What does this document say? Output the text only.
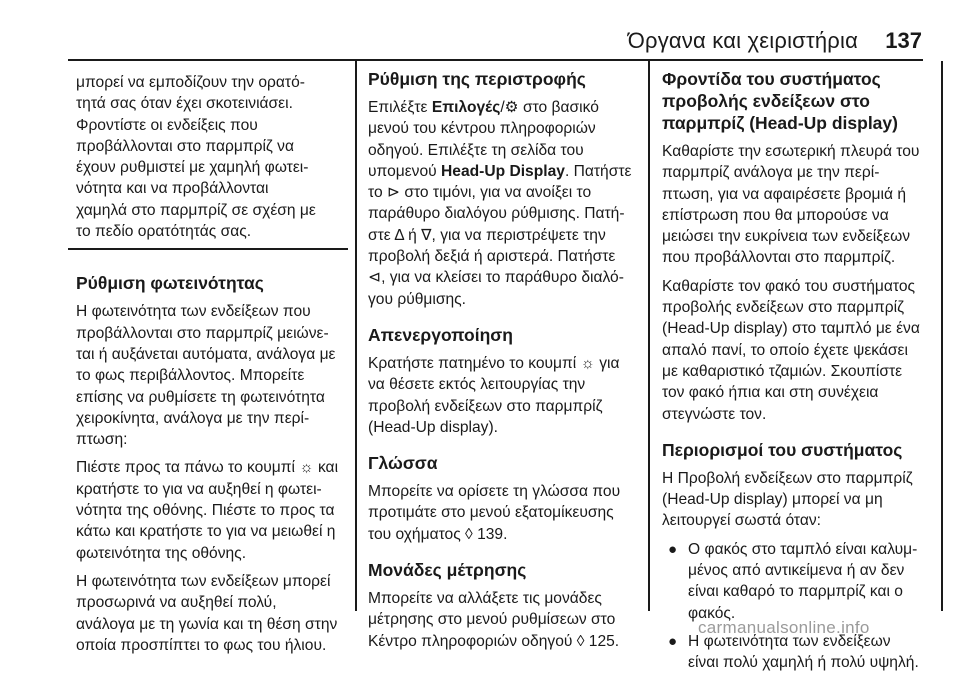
Όργανα και χειριστήρια 137
μπορεί να εμποδίζουν την ορατό-
τητά σας όταν έχει σκοτεινιάσει.
Φροντίστε οι ενδείξεις που
προβάλλονται στο παρμπρίζ να
έχουν ρυθμιστεί με χαμηλή φωτει-
νότητα και να προβάλλονται
χαμηλά στο παρμπρίζ σε σχέση με
το πεδίο ορατότητάς σας.
Ρύθμιση φωτεινότητας

Η φωτεινότητα των ενδείξεων που
προβάλλονται στο παρμπρίζ μειώνε-
ται ή αυξάνεται αυτόματα, ανάλογα με
το φως περιβάλλοντος. Μπορείτε
επίσης να ρυθμίσετε τη φωτεινότητα
χειροκίνητα, ανάλογα με την περί-
πτωση:

Πιέστε προς τα πάνω το κουμπί ☼ και
κρατήστε το για να αυξηθεί η φωτει-
νότητα της οθόνης. Πιέστε το προς τα
κάτω και κρατήστε το για να μειωθεί η
φωτεινότητα της οθόνης.

Η φωτεινότητα των ενδείξεων μπορεί
προσωρινά να αυξηθεί πολύ,
ανάλογα με τη γωνία και τη θέση στην
οποία προσπίπτει το φως του ήλιου.

Ρύθμιση της περιστροφής

Επιλέξτε Επιλογές/⚙ στο βασικό
μενού του κέντρου πληροφοριών
οδηγού. Επιλέξτε τη σελίδα του
υπομενού Head-Up Display. Πατήστε
το ⊳ στο τιμόνι, για να ανοίξει το
παράθυρο διαλόγου ρύθμισης. Πατή-
στε Δ ή ∇, για να περιστρέψετε την
προβολή δεξιά ή αριστερά. Πατήστε
⊲, για να κλείσει το παράθυρο διαλό-
γου ρύθμισης.

Απενεργοποίηση

Κρατήστε πατημένο το κουμπί ☼ για
να θέσετε εκτός λειτουργίας την
προβολή ενδείξεων στο παρμπρίζ
(Head-Up display).

Γλώσσα

Μπορείτε να ορίσετε τη γλώσσα που
προτιμάτε στο μενού εξατομίκευσης
του οχήματος ◊ 139.

Μονάδες μέτρησης

Μπορείτε να αλλάξετε τις μονάδες
μέτρησης στο μενού ρυθμίσεων στο
Κέντρο πληροφοριών οδηγού ◊ 125.

Φροντίδα του συστήματος
προβολής ενδείξεων στο
παρμπρίζ (Head-Up display)

Καθαρίστε την εσωτερική πλευρά του
παρμπρίζ ανάλογα με την περί-
πτωση, για να αφαιρέσετε βρομιά ή
επίστρωση που θα μπορούσε να
μειώσει την ευκρίνεια των ενδείξεων
που προβάλλονται στο παρμπρίζ.

Καθαρίστε τον φακό του συστήματος
προβολής ενδείξεων στο παρμπρίζ
(Head-Up display) στο ταμπλό με ένα
απαλό πανί, το οποίο έχετε ψεκάσει
με καθαριστικό τζαμιών. Σκουπίστε
τον φακό ήπια και στη συνέχεια
στεγνώστε τον.

Περιορισμοί του συστήματος

Η Προβολή ενδείξεων στο παρμπρίζ
(Head-Up display) μπορεί να μη
λειτουργεί σωστά όταν:

● Ο φακός στο ταμπλό είναι καλυμ-
μένος από αντικείμενα ή αν δεν
είναι καθαρό το παρμπρίζ και ο
φακός.
● Η φωτεινότητα των ενδείξεων
είναι πολύ χαμηλή ή πολύ υψηλή.
carmanualsonline.info
